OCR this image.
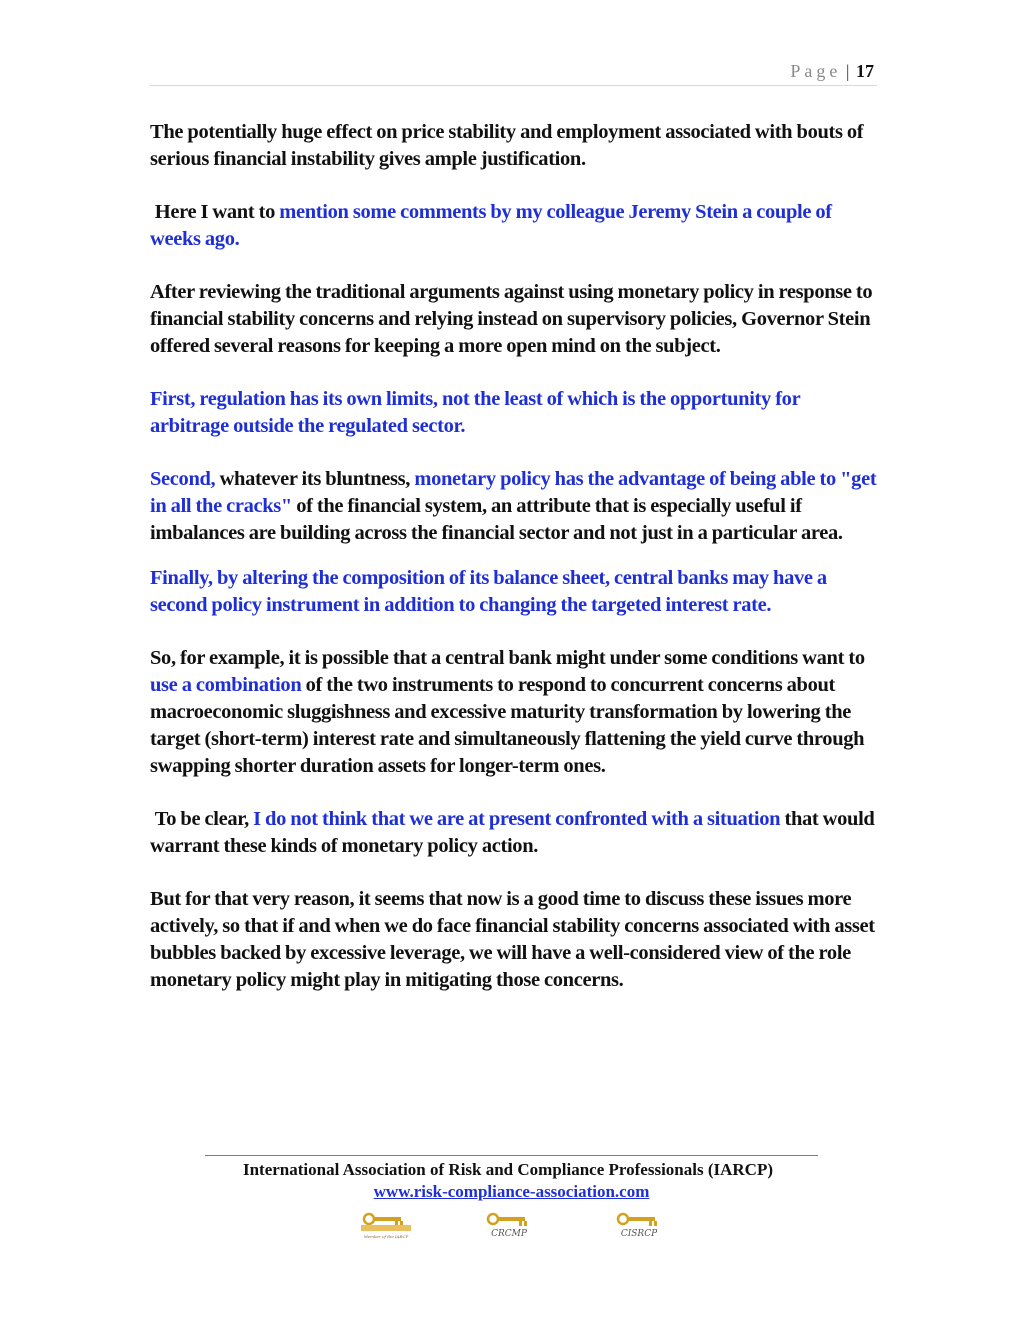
Page | 17

The potentially huge effect on price stability and employment associated with bouts of serious financial instability gives ample justification.

Here I want to mention some comments by my colleague Jeremy Stein a couple of weeks ago.

After reviewing the traditional arguments against using monetary policy in response to financial stability concerns and relying instead on supervisory policies, Governor Stein offered several reasons for keeping a more open mind on the subject.

First, regulation has its own limits, not the least of which is the opportunity for arbitrage outside the regulated sector.

Second, whatever its bluntness, monetary policy has the advantage of being able to "get in all the cracks" of the financial system, an attribute that is especially useful if imbalances are building across the financial sector and not just in a particular area.

Finally, by altering the composition of its balance sheet, central banks may have a second policy instrument in addition to changing the targeted interest rate.

So, for example, it is possible that a central bank might under some conditions want to use a combination of the two instruments to respond to concurrent concerns about macroeconomic sluggishness and excessive maturity transformation by lowering the target (short-term) interest rate and simultaneously flattening the yield curve through swapping shorter duration assets for longer-term ones.

To be clear, I do not think that we are at present confronted with a situation that would warrant these kinds of monetary policy action.

But for that very reason, it seems that now is a good time to discuss these issues more actively, so that if and when we do face financial stability concerns associated with asset bubbles backed by excessive leverage, we will have a well-considered view of the role monetary policy might play in mitigating those concerns.

International Association of Risk and Compliance Professionals (IARCP)
www.risk-compliance-association.com
Member of the IARCP	CRCMP	CISRCP
